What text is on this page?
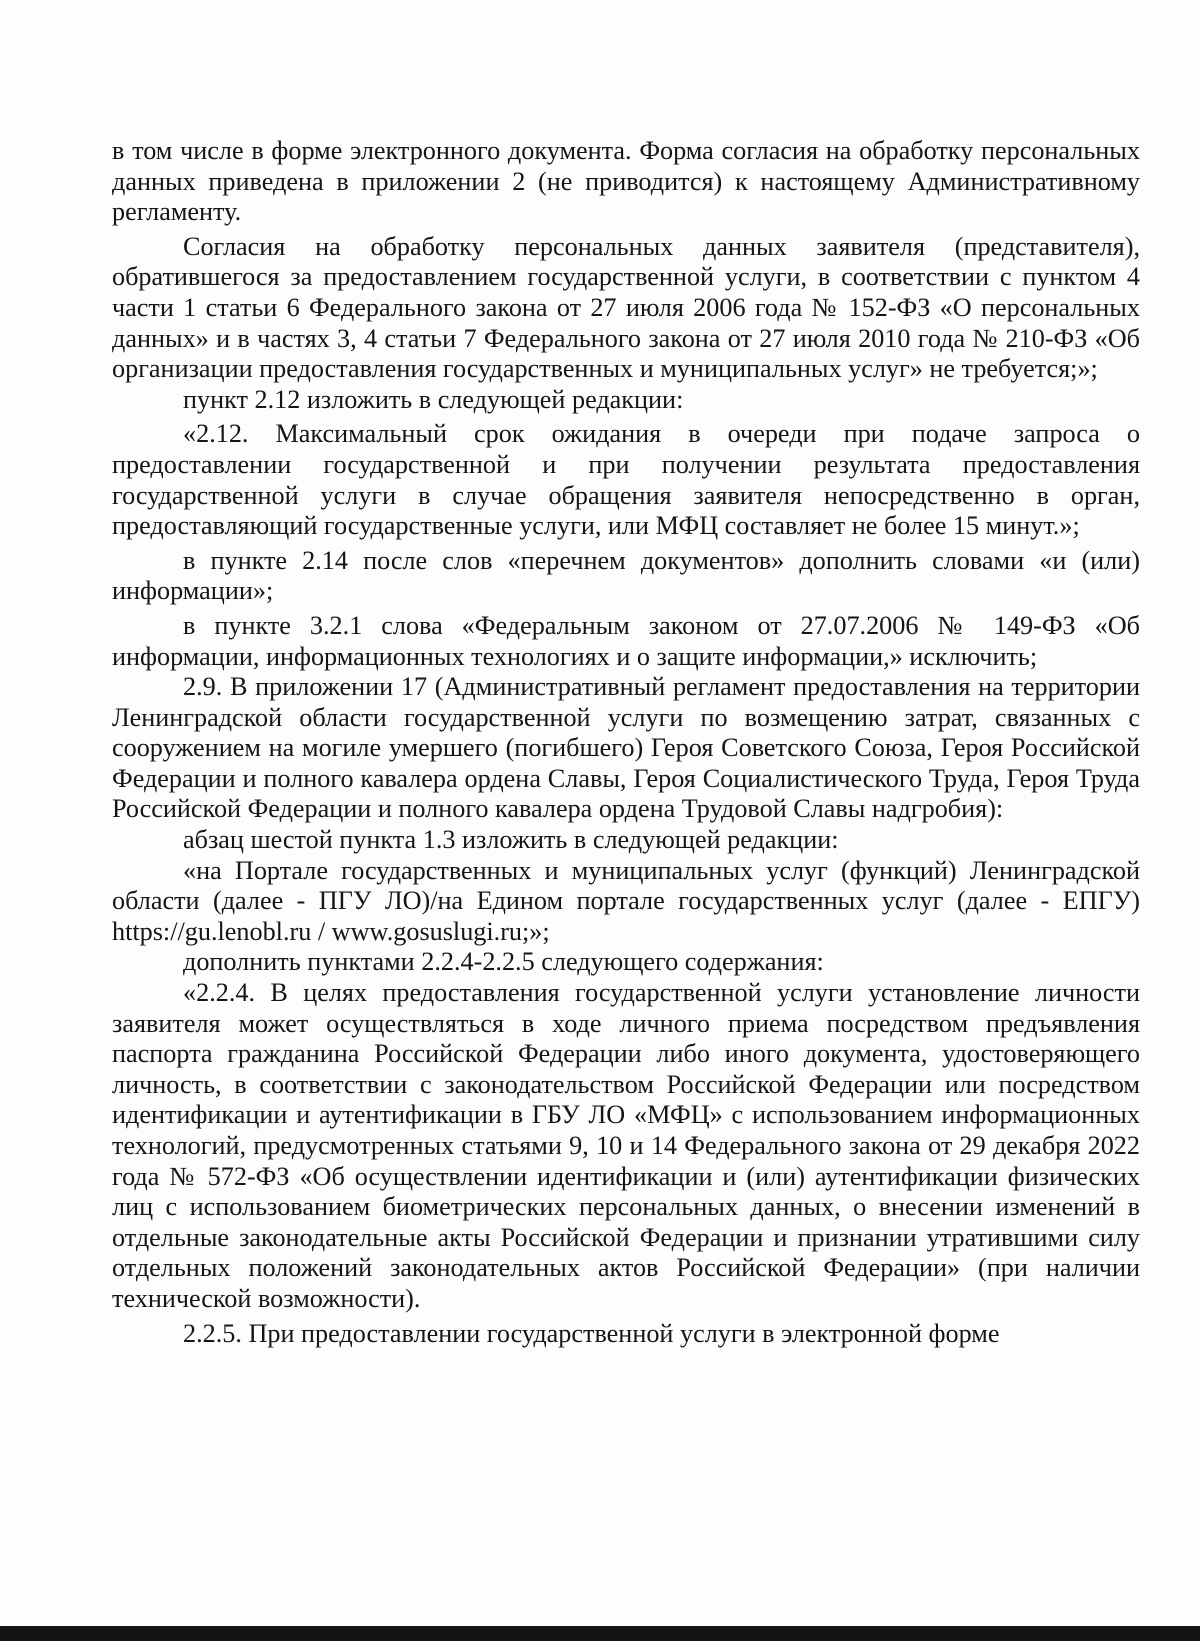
в том числе в форме электронного документа. Форма согласия на обработку персональных данных приведена в приложении 2 (не приводится) к настоящему Административному регламенту.

Согласия на обработку персональных данных заявителя (представителя), обратившегося за предоставлением государственной услуги, в соответствии с пунктом 4 части 1 статьи 6 Федерального закона от 27 июля 2006 года № 152-ФЗ «О персональных данных» и в частях 3, 4 статьи 7 Федерального закона от 27 июля 2010 года № 210-ФЗ «Об организации предоставления государственных и муниципальных услуг» не требуется;»;

пункт 2.12 изложить в следующей редакции:

«2.12. Максимальный срок ожидания в очереди при подаче запроса о предоставлении государственной и при получении результата предоставления государственной услуги в случае обращения заявителя непосредственно в орган, предоставляющий государственные услуги, или МФЦ составляет не более 15 минут.»;

в пункте 2.14 после слов «перечнем документов» дополнить словами «и (или) информации»;

в пункте 3.2.1 слова «Федеральным законом от 27.07.2006 № 149-ФЗ «Об информации, информационных технологиях и о защите информации,» исключить;

2.9. В приложении 17 (Административный регламент предоставления на территории Ленинградской области государственной услуги по возмещению затрат, связанных с сооружением на могиле умершего (погибшего) Героя Советского Союза, Героя Российской Федерации и полного кавалера ордена Славы, Героя Социалистического Труда, Героя Труда Российской Федерации и полного кавалера ордена Трудовой Славы надгробия):

абзац шестой пункта 1.3 изложить в следующей редакции:

«на Портале государственных и муниципальных услуг (функций) Ленинградской области (далее - ПГУ ЛО)/на Едином портале государственных услуг (далее - ЕПГУ) https://gu.lenobl.ru / www.gosuslugi.ru;»;

дополнить пунктами 2.2.4-2.2.5 следующего содержания:

«2.2.4. В целях предоставления государственной услуги установление личности заявителя может осуществляться в ходе личного приема посредством предъявления паспорта гражданина Российской Федерации либо иного документа, удостоверяющего личность, в соответствии с законодательством Российской Федерации или посредством идентификации и аутентификации в ГБУ ЛО «МФЦ» с использованием информационных технологий, предусмотренных статьями 9, 10 и 14 Федерального закона от 29 декабря 2022 года № 572-ФЗ «Об осуществлении идентификации и (или) аутентификации физических лиц с использованием биометрических персональных данных, о внесении изменений в отдельные законодательные акты Российской Федерации и признании утратившими силу отдельных положений законодательных актов Российской Федерации» (при наличии технической возможности).

2.2.5. При предоставлении государственной услуги в электронной форме
